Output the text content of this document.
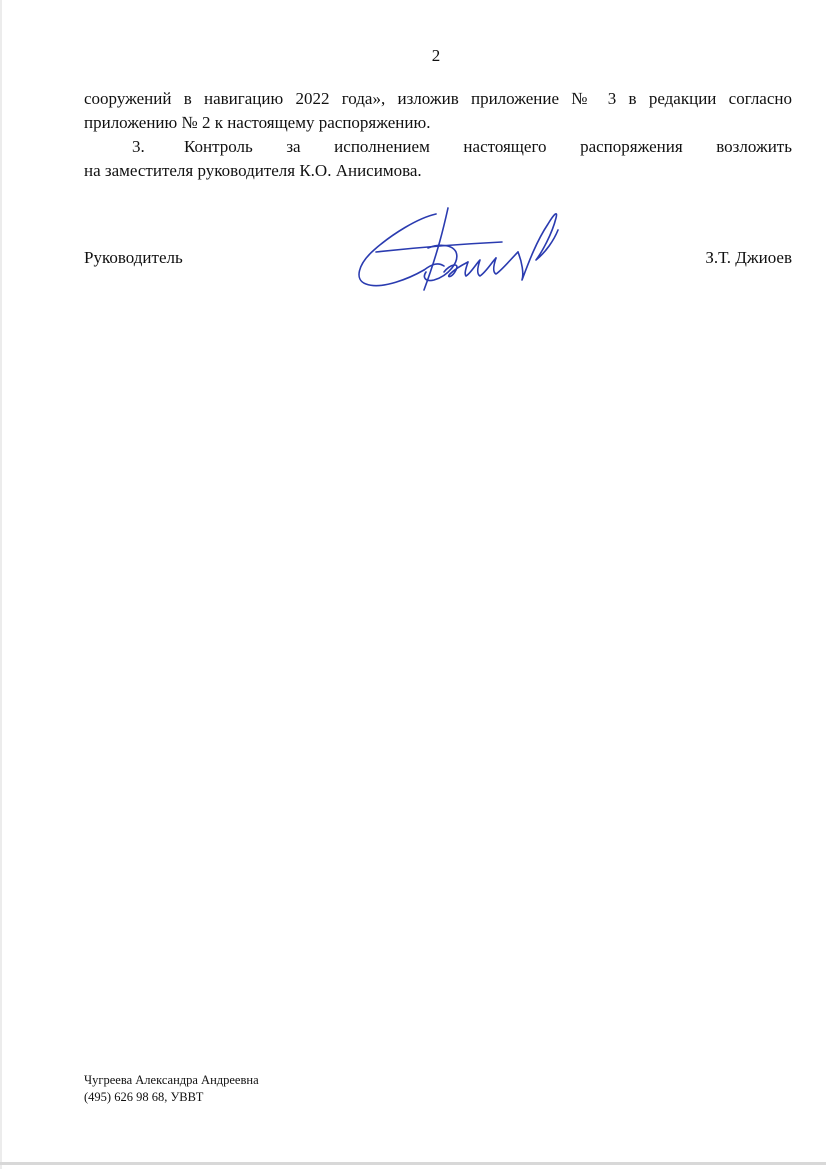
2
сооружений в навигацию 2022 года», изложив приложение № 3 в редакции согласно
приложению № 2 к настоящему распоряжению.
3. Контроль за исполнением настоящего распоряжения возложить
на заместителя руководителя К.О. Анисимова.
Руководитель	З.Т. Джиоев
Чугреева Александра Андреевна
(495) 626 98 68, УВВТ
